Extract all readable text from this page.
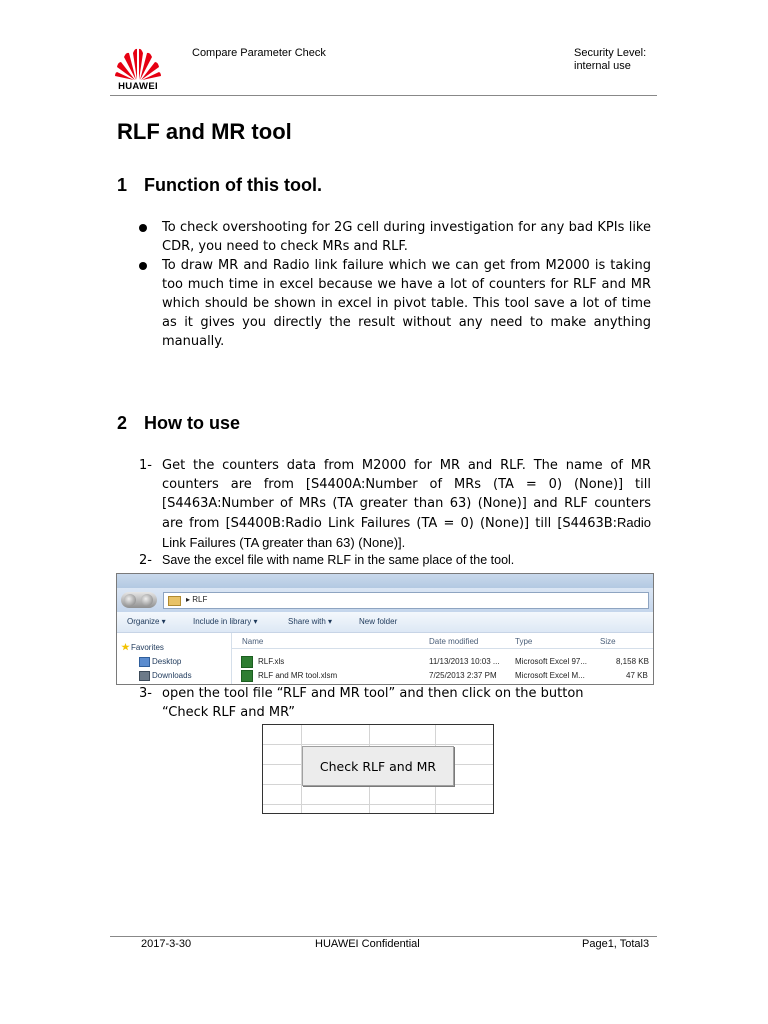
HUAWEI
Compare Parameter Check	Security Level:
internal use
RLF and MR tool
1 Function of this tool.
To check overshooting for 2G cell during investigation for any bad KPIs like CDR, you need to check MRs and RLF.
To draw MR and Radio link failure which we can get from M2000 is taking too much time in excel because we have a lot of counters for RLF and MR which should be shown in excel in pivot table. This tool save a lot of time as it gives you directly the result without any need to make anything manually.
2 How to use
1- Get the counters data from M2000 for MR and RLF. The name of MR counters are from [S4400A:Number of MRs (TA = 0) (None)] till [S4463A:Number of MRs (TA greater than 63) (None)] and RLF counters are from [S4400B:Radio Link Failures (TA = 0) (None)] till [S4463B:Radio Link Failures (TA greater than 63) (None)].
2- Save the excel file with name RLF in the same place of the tool.
▸ RLF
Organize ▾	Include in library ▾	Share with ▾	New folder
Favorites
Desktop
Downloads
Name	Date modified	Type	Size
RLF.xls	11/13/2013 10:03 ... Microsoft Excel 97...	8,158 KB
RLF and MR tool.xlsm	7/25/2013 2:37 PM Microsoft Excel M...	47 KB
3- open the tool file “RLF and MR tool” and then click on the button “Check RLF and MR”
Check RLF and MR
2017-3-30	HUAWEI Confidential	Page1, Total3
